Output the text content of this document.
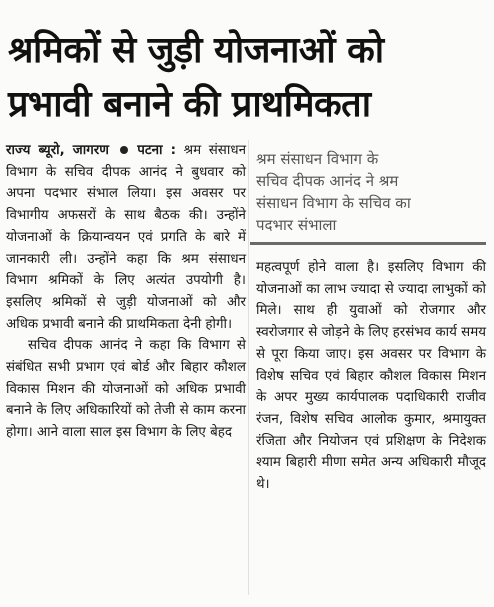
श्रमिकों से जुड़ी योजनाओं को
प्रभावी बनाने की प्राथमिकता

राज्य ब्यूरो, जागरण पटना : श्रम संसाधन विभाग के सचिव दीपक आनंद ने बुधवार को अपना पदभार संभाल लिया। इस अवसर पर विभागीय अफसरों के साथ बैठक की। उन्होंने योजनाओं के क्रियान्वयन एवं प्रगति के बारे में जानकारी ली। उन्होंने कहा कि श्रम संसाधन विभाग श्रमिकों के लिए अत्यंत उपयोगी है। इसलिए श्रमिकों से जुड़ी योजनाओं को और अधिक प्रभावी बनाने की प्राथमिकता देनी होगी।

सचिव दीपक आनंद ने कहा कि विभाग से संबंधित सभी प्रभाग एवं बोर्ड और बिहार कौशल विकास मिशन की योजनाओं को अधिक प्रभावी बनाने के लिए अधिकारियों को तेजी से काम करना होगा। आने वाला साल इस विभाग के लिए बेहद

श्रम संसाधन विभाग के
सचिव दीपक आनंद ने श्रम
संसाधन विभाग के सचिव का
पदभार संभाला

महत्वपूर्ण होने वाला है। इसलिए विभाग की योजनाओं का लाभ ज्यादा से ज्यादा लाभुकों को मिले। साथ ही युवाओं को रोजगार और स्वरोजगार से जोड़ने के लिए हरसंभव कार्य समय से पूरा किया जाए। इस अवसर पर विभाग के विशेष सचिव एवं बिहार कौशल विकास मिशन के अपर मुख्य कार्यपालक पदाधिकारी राजीव रंजन, विशेष सचिव आलोक कुमार, श्रमायुक्त रंजिता और नियोजन एवं प्रशिक्षण के निदेशक श्याम बिहारी मीणा समेत अन्य अधिकारी मौजूद थे।
